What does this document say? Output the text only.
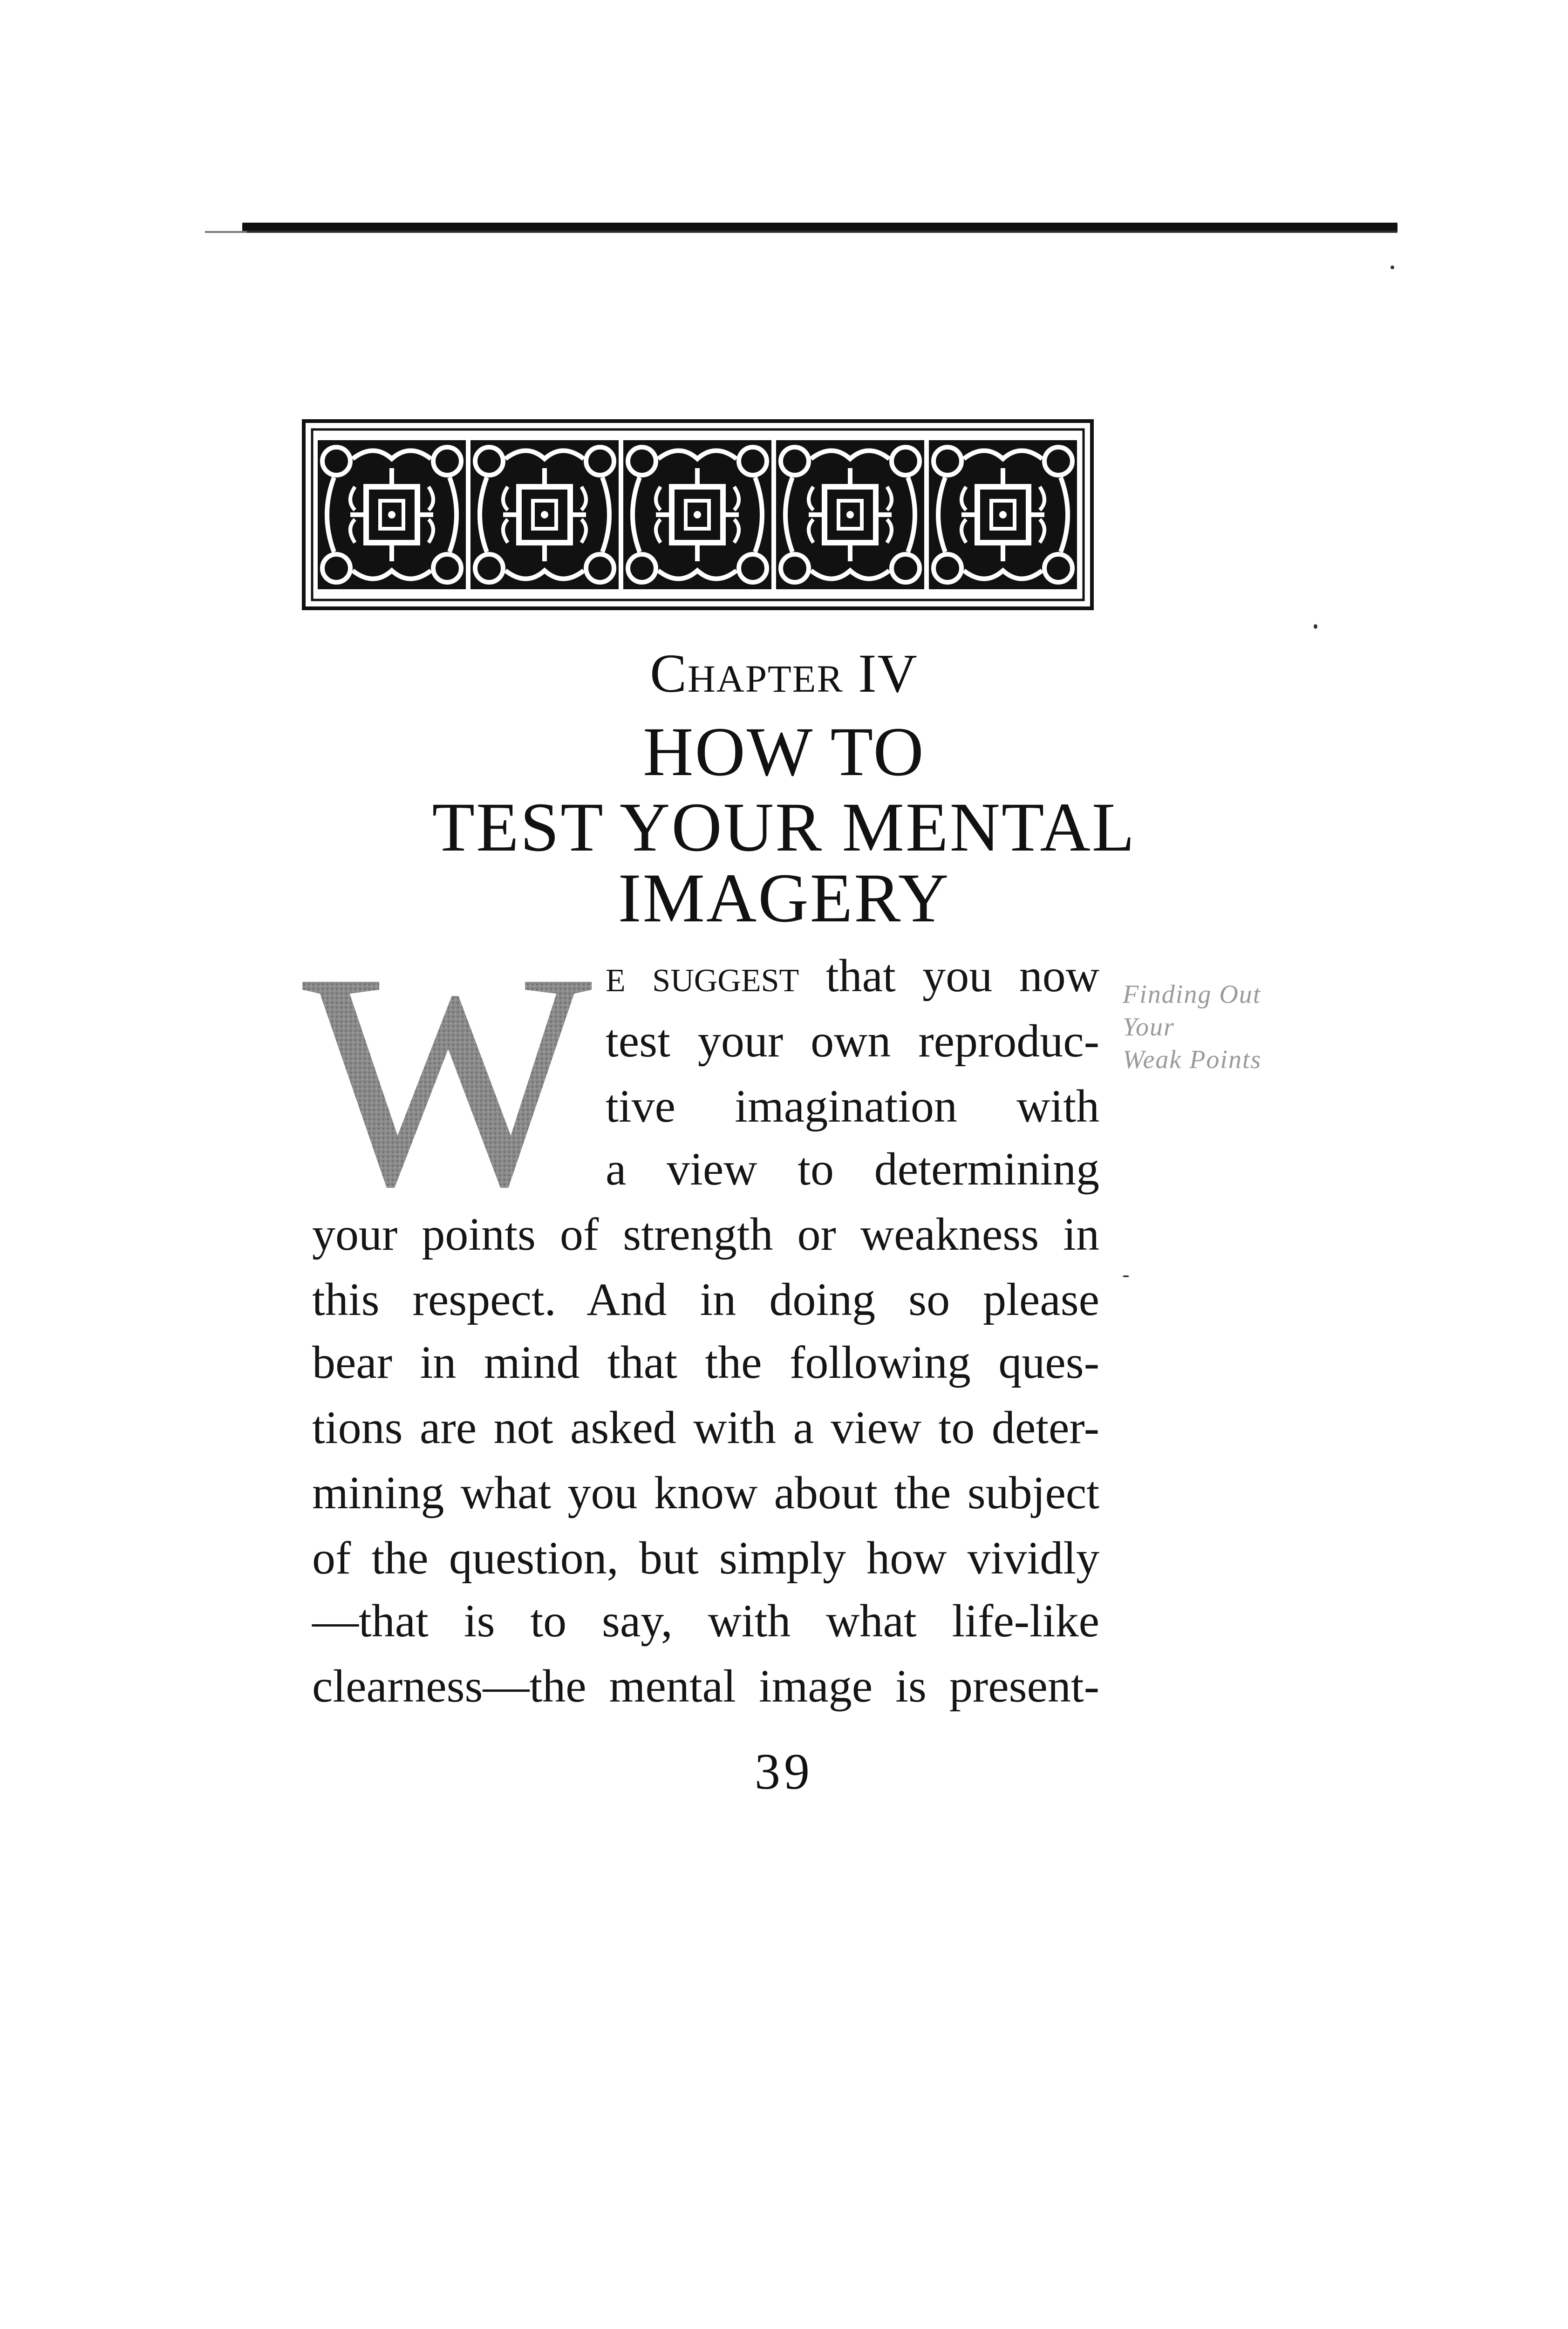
Chapter IV
HOW TO
TEST YOUR MENTAL
IMAGERY
W	Finding Out
Your
Weak Points
e suggest that you now
test your own reproduc-
tive imagination with
a view to determining
your points of strength or weakness in
this respect. And in doing so please
bear in mind that the following ques-
tions are not asked with a view to deter-
mining what you know about the subject
of the question, but simply how vividly
—that is to say, with what life-like
clearness—the mental image is present-
39
